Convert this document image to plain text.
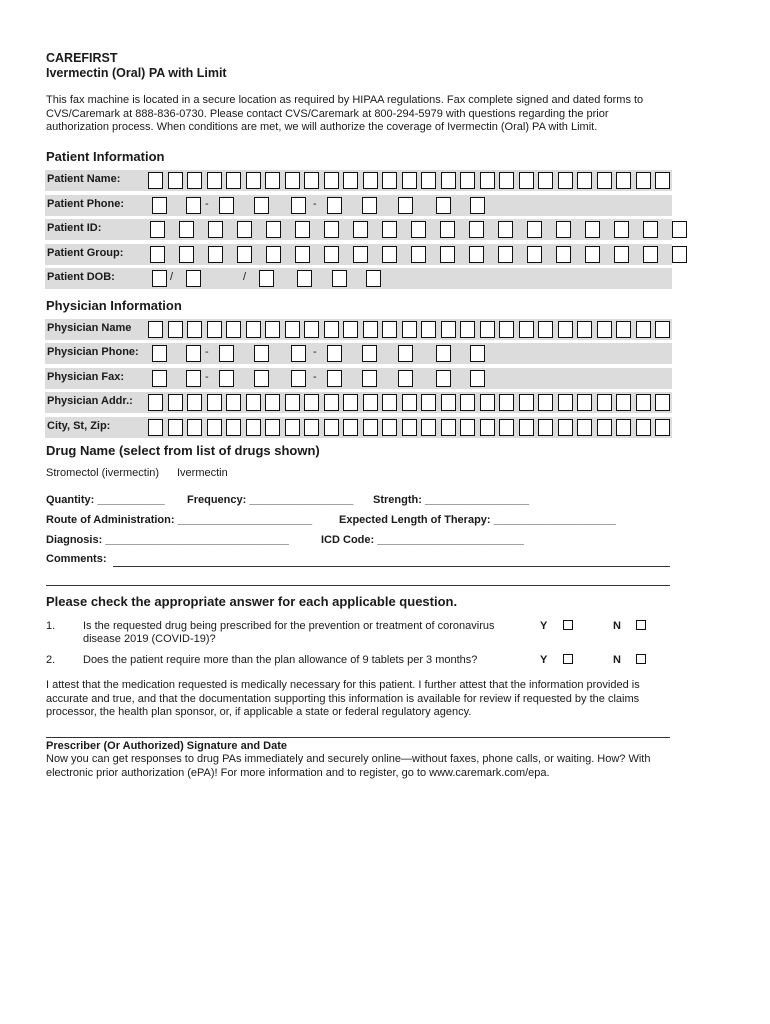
CAREFIRST
Ivermectin (Oral) PA with Limit
This fax machine is located in a secure location as required by HIPAA regulations. Fax complete signed and dated forms to CVS/Caremark at 888-836-0730. Please contact CVS/Caremark at 800-294-5979 with questions regarding the prior authorization process. When conditions are met, we will authorize the coverage of Ivermectin (Oral) PA with Limit.
Patient Information
Patient Name:
Patient Phone:	-	-
Patient ID:
Patient Group:
Patient DOB:	/	/
Physician Information
Physician Name
Physician Phone:	-	-
Physician Fax:	-	-
Physician Addr.:
City, St, Zip:
Drug Name (select from list of drugs shown)
Stromectol (ivermectin) Ivermectin
Quantity: ___________ Frequency: _________________ Strength: _________________
Route of Administration: ______________________ Expected Length of Therapy: ____________________
Diagnosis: ______________________________	ICD Code: ________________________
Comments:
Please check the appropriate answer for each applicable question.
1.	Is the requested drug being prescribed for the prevention or treatment of coronavirus disease 2019 (COVID-19)?
Y	N
2.	Does the patient require more than the plan allowance of 9 tablets per 3 months?	Y	N
I attest that the medication requested is medically necessary for this patient. I further attest that the information provided is accurate and true, and that the documentation supporting this information is available for review if requested by the claims processor, the health plan sponsor, or, if applicable a state or federal regulatory agency.
Prescriber (Or Authorized) Signature and Date
Now you can get responses to drug PAs immediately and securely online—without faxes, phone calls, or waiting. How? With electronic prior authorization (ePA)! For more information and to register, go to www.caremark.com/epa.
